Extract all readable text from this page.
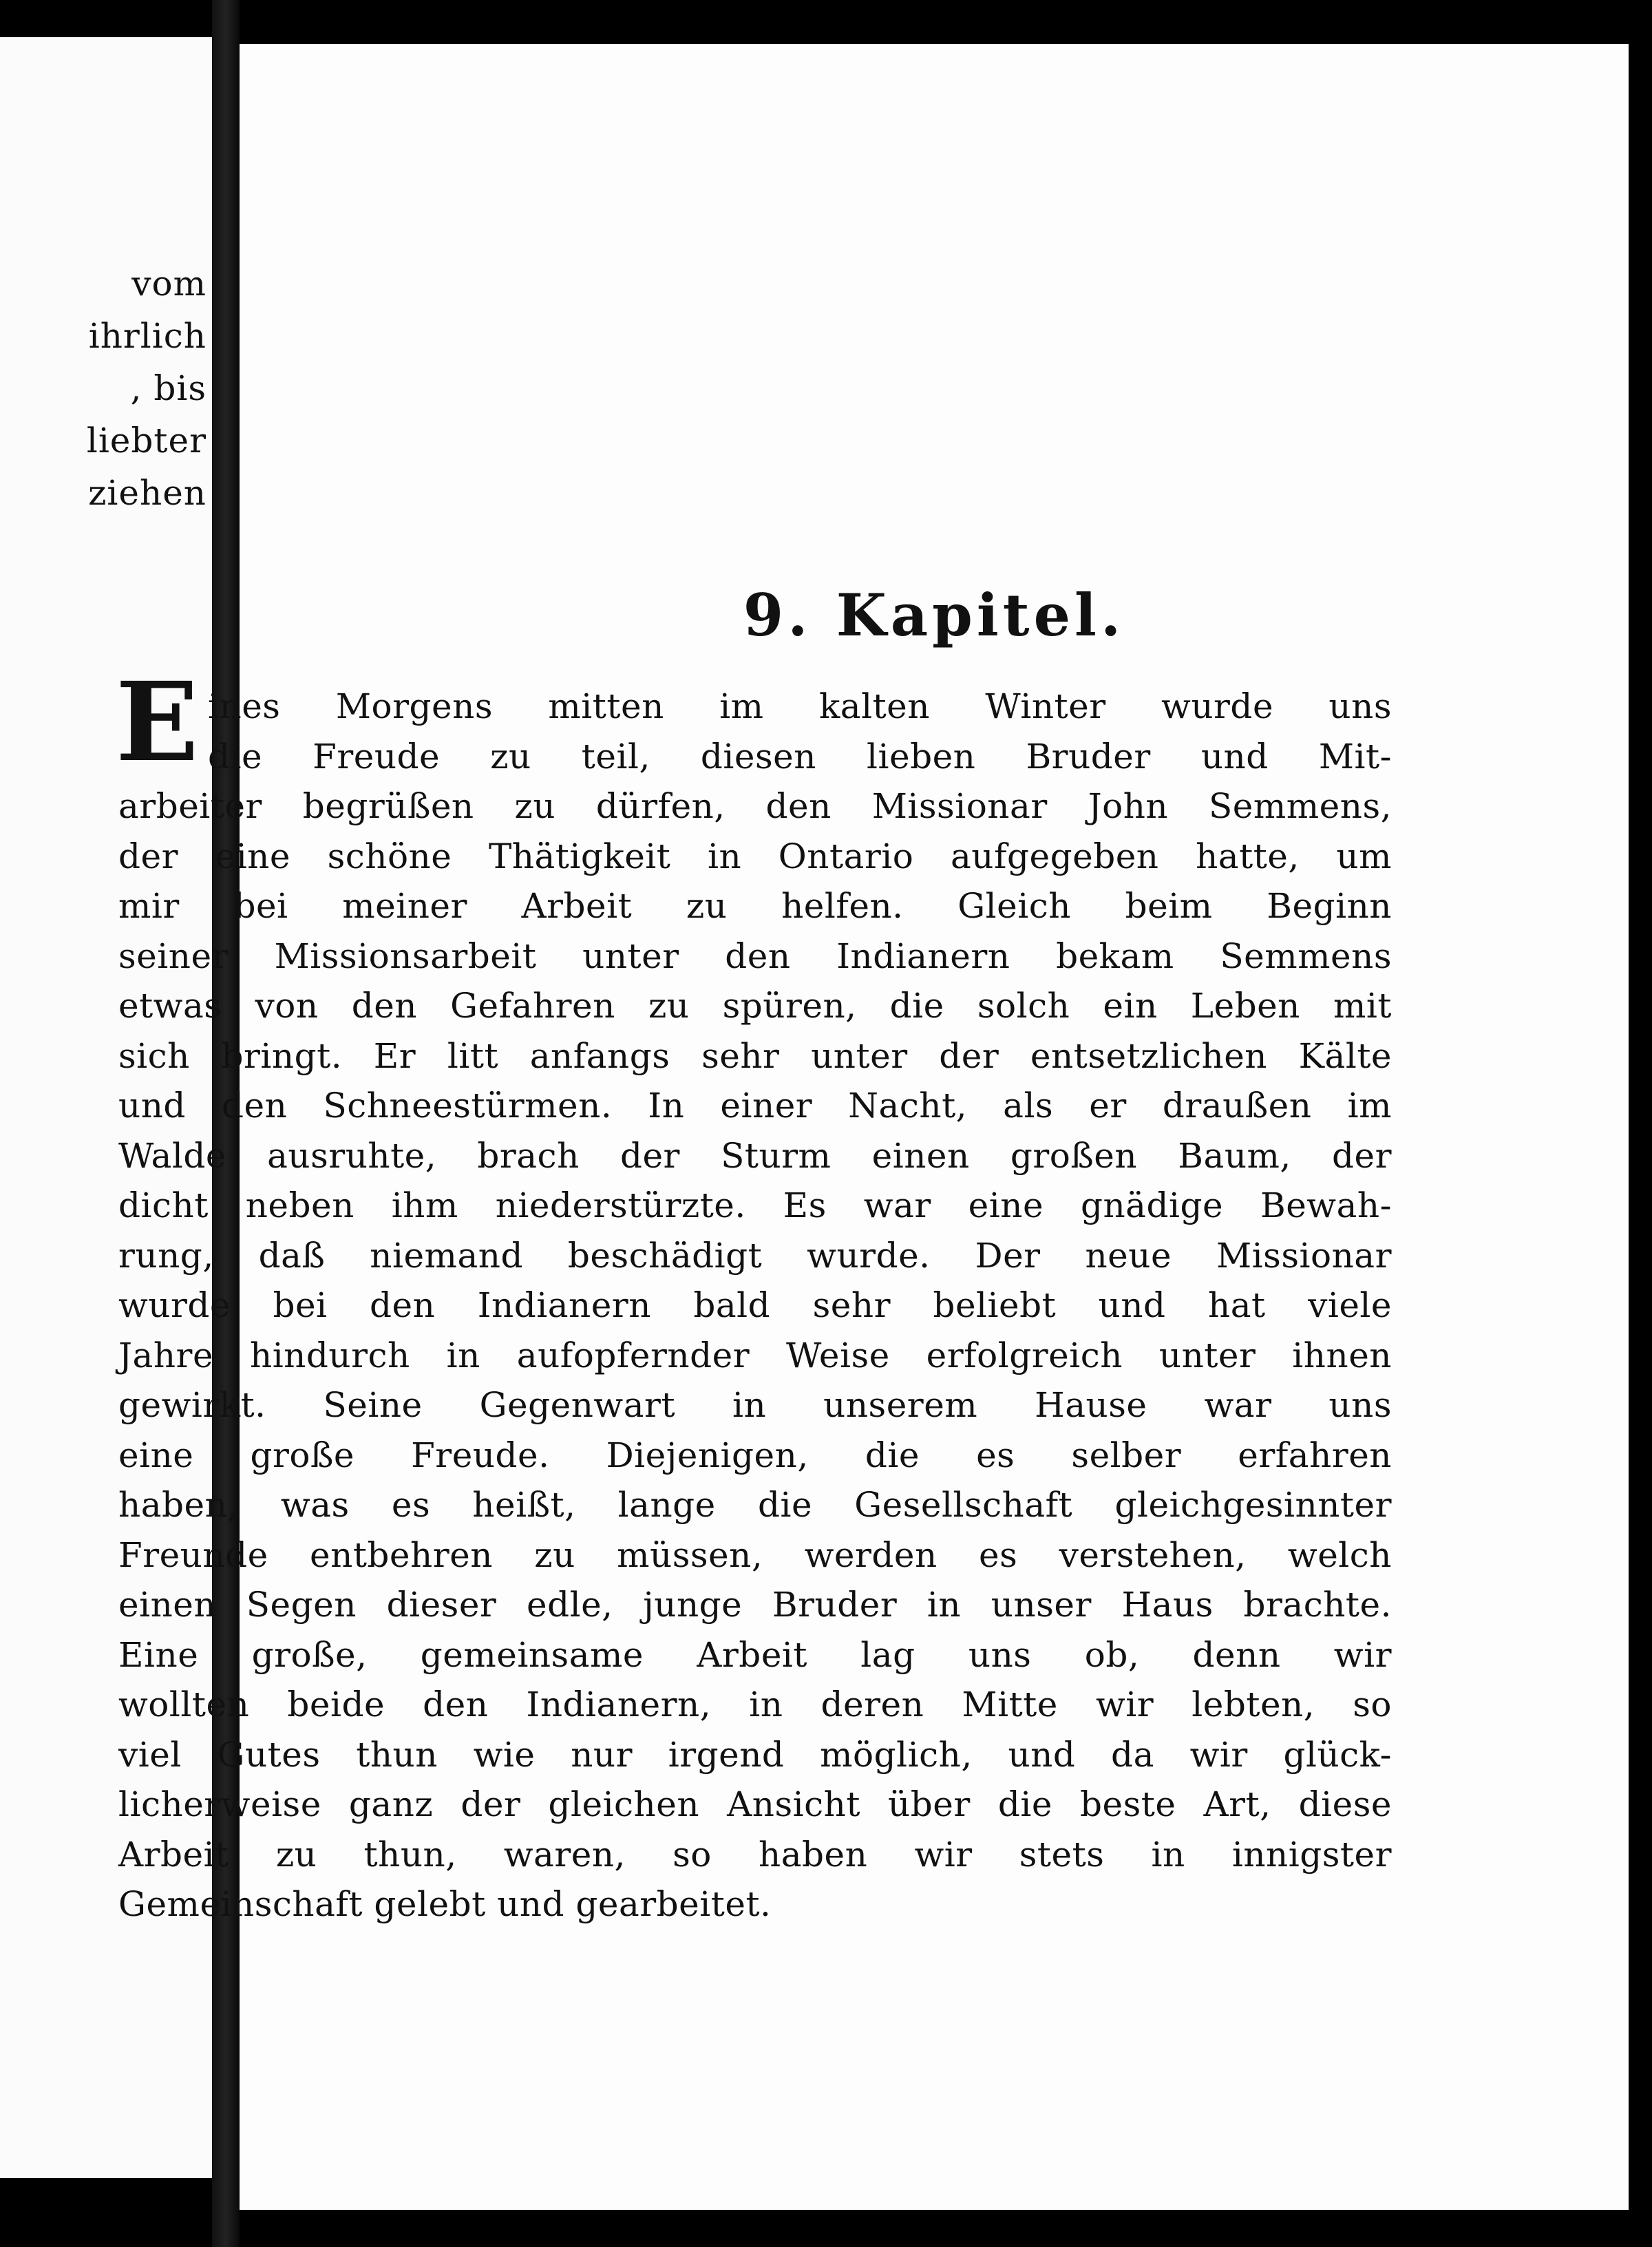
vom
ihrlich
, bis
liebter
ziehen
9. Kapitel.
E ines Morgens mitten im kalten Winter wurde uns
die Freude zu teil, diesen lieben Bruder und Mit-
arbeiter begrüßen zu dürfen, den Missionar John Semmens,
der eine schöne Thätigkeit in Ontario aufgegeben hatte, um
mir bei meiner Arbeit zu helfen. Gleich beim Beginn
seiner Missionsarbeit unter den Indianern bekam Semmens
etwas von den Gefahren zu spüren, die solch ein Leben mit
sich bringt. Er litt anfangs sehr unter der entsetzlichen Kälte
und den Schneestürmen. In einer Nacht, als er draußen im
Walde ausruhte, brach der Sturm einen großen Baum, der
dicht neben ihm niederstürzte. Es war eine gnädige Bewah-
rung, daß niemand beschädigt wurde. Der neue Missionar
wurde bei den Indianern bald sehr beliebt und hat viele
Jahre hindurch in aufopfernder Weise erfolgreich unter ihnen
gewirkt. Seine Gegenwart in unserem Hause war uns
eine große Freude. Diejenigen, die es selber erfahren
haben, was es heißt, lange die Gesellschaft gleichgesinnter
Freunde entbehren zu müssen, werden es verstehen, welch
einen Segen dieser edle, junge Bruder in unser Haus brachte.
Eine große, gemeinsame Arbeit lag uns ob, denn wir
wollten beide den Indianern, in deren Mitte wir lebten, so
viel Gutes thun wie nur irgend möglich, und da wir glück-
licherweise ganz der gleichen Ansicht über die beste Art, diese
Arbeit zu thun, waren, so haben wir stets in innigster
Gemeinschaft gelebt und gearbeitet.
